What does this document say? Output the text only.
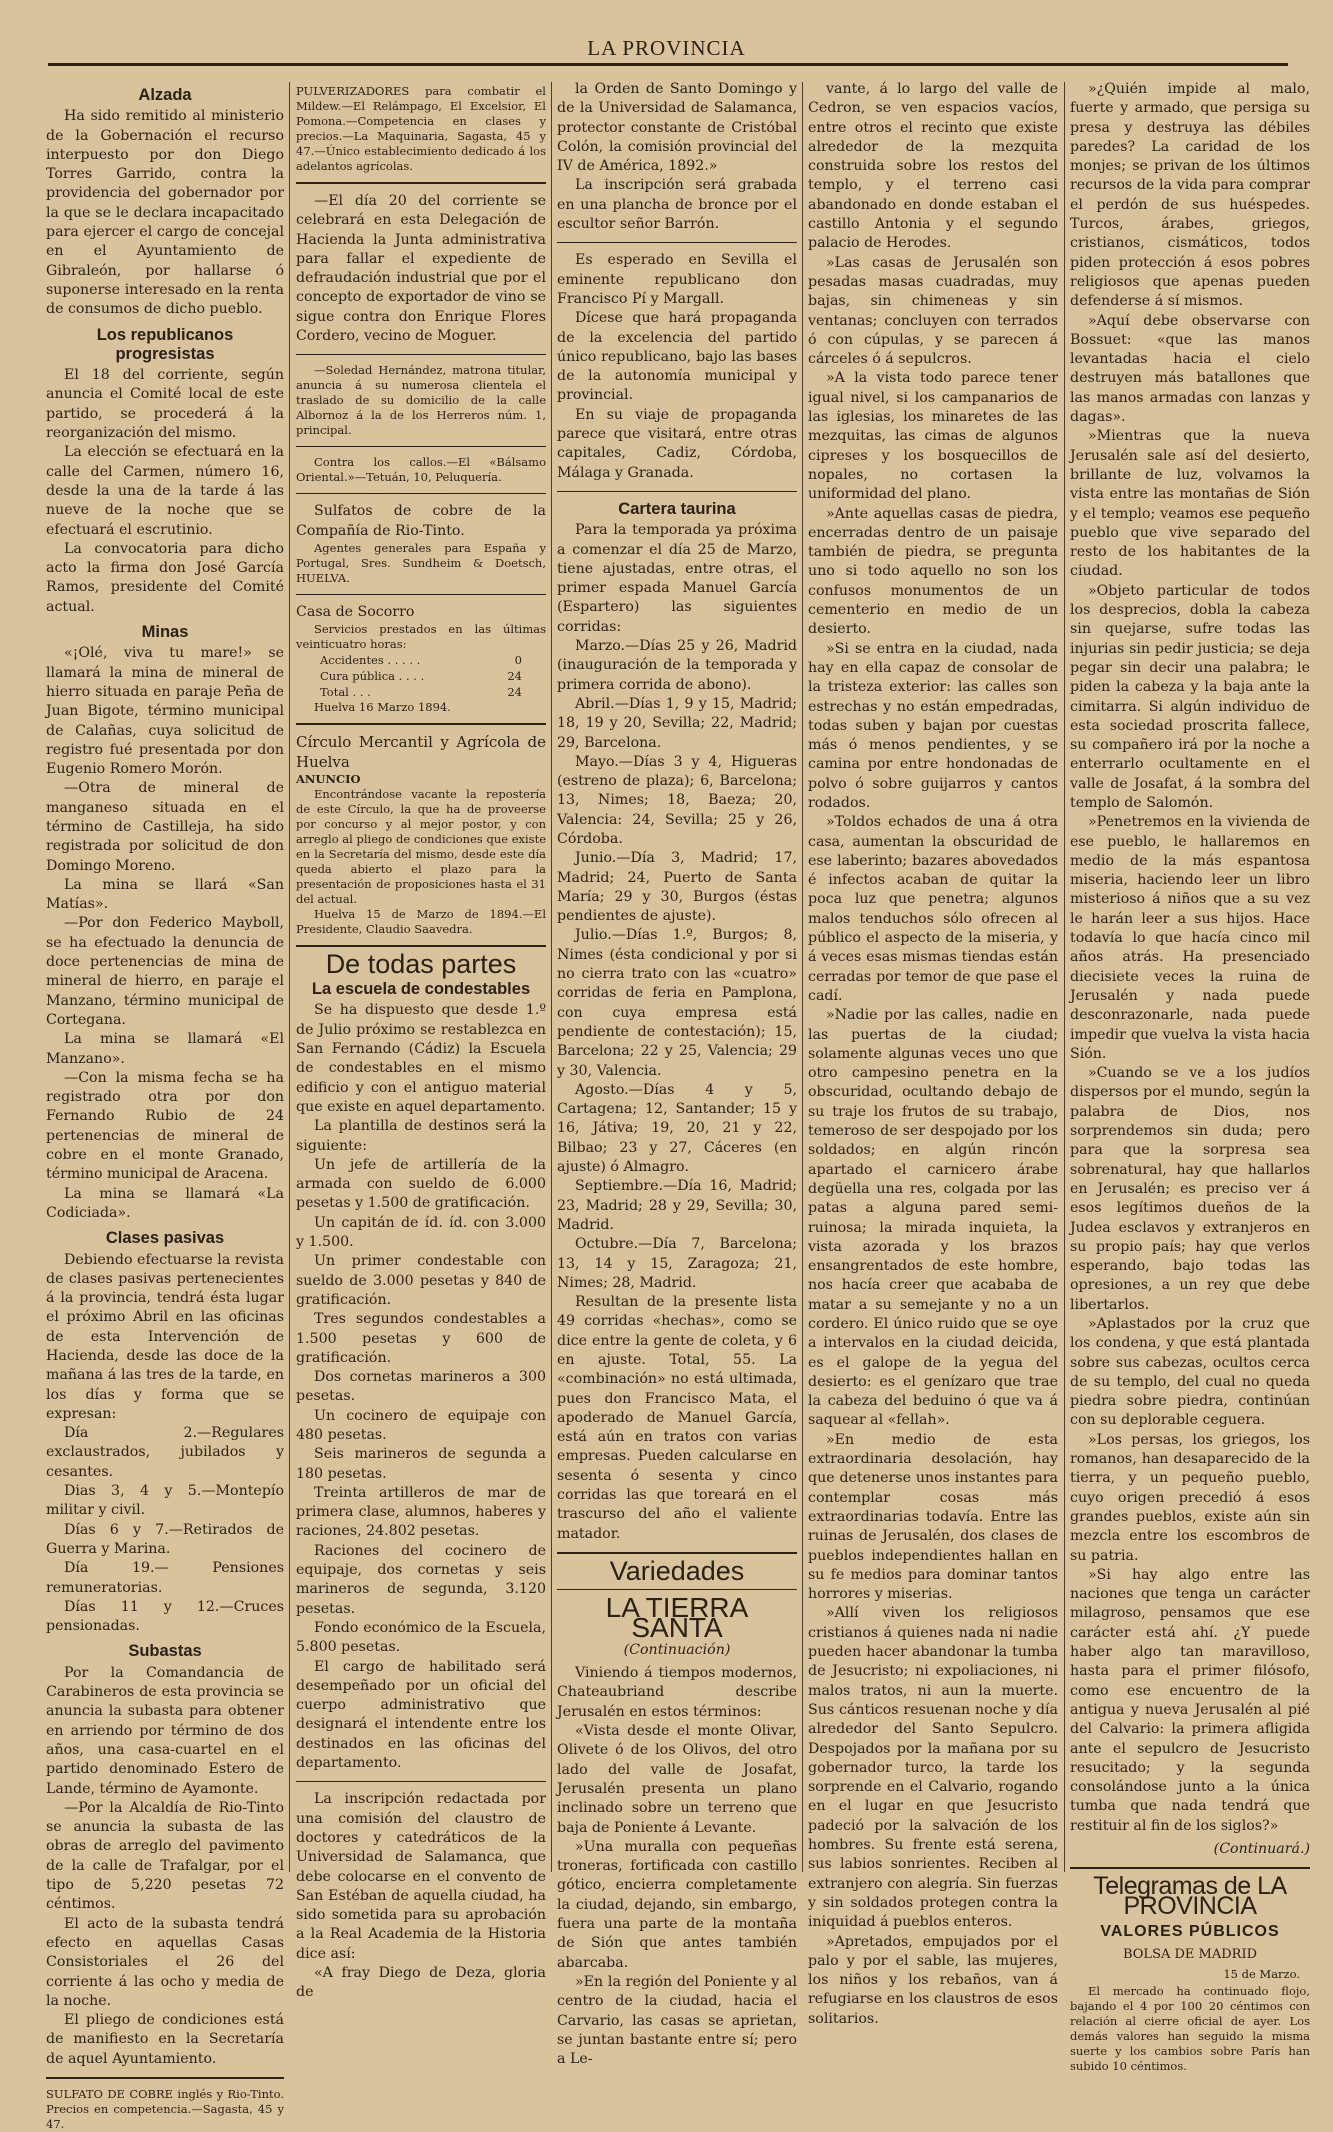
LA PROVINCIA
Alzada

Ha sido remitido al ministerio de la Gobernación el recurso interpuesto por don Diego Torres Garrido, contra la providencia del gobernador por la que se le declara incapacitado para ejercer el cargo de concejal en el Ayuntamiento de Gibraleón, por hallarse ó suponerse interesado en la renta de consumos de dicho pueblo.

Los republicanos progresistas

El 18 del corriente, según anuncia el Comité local de este partido, se procederá á la reorganización del mismo.

La elección se efectuará en la calle del Carmen, número 16, desde la una de la tarde á las nueve de la noche que se efectuará el escrutinio.

La convocatoria para dicho acto la firma don José García Ramos, presidente del Comité actual.

Minas

«¡Olé, viva tu mare!» se llamará la mina de mineral de hierro situada en paraje Peña de Juan Bigote, término municipal de Calañas, cuya solicitud de registro fué presentada por don Eugenio Romero Morón.

—Otra de mineral de manganeso situada en el término de Castilleja, ha sido registrada por solicitud de don Domingo Moreno.

La mina se llará «San Matías».

—Por don Federico Mayboll, se ha efectuado la denuncia de doce pertenencias de mina de mineral de hierro, en paraje el Manzano, término municipal de Cortegana.

La mina se llamará «El Manzano».

—Con la misma fecha se ha registrado otra por don Fernando Rubio de 24 pertenencias de mineral de cobre en el monte Granado, término municipal de Aracena.

La mina se llamará «La Codiciada».

Clases pasivas

Debiendo efectuarse la revista de clases pasivas pertenecientes á la provincia, tendrá ésta lugar el próximo Abril en las oficinas de esta Intervención de Hacienda, desde las doce de la mañana á las tres de la tarde, en los días y forma que se expresan:

Día 2.—Regulares exclaustrados, jubilados y cesantes.

Dias 3, 4 y 5.—Montepío militar y civil.

Días 6 y 7.—Retirados de Guerra y Marina.

Día 19.— Pensiones remuneratorias.

Días 11 y 12.—Cruces pensionadas.

Subastas

Por la Comandancia de Carabineros de esta provincia se anuncia la subasta para obtener en arriendo por término de dos años, una casa-cuartel en el partido denominado Estero de Lande, término de Ayamonte.

—Por la Alcaldía de Rio-Tinto se anuncia la subasta de las obras de arreglo del pavimento de la calle de Trafalgar, por el tipo de 5,220 pesetas 72 céntimos.

El acto de la subasta tendrá efecto en aquellas Casas Consistoriales el 26 del corriente á las ocho y media de la noche.

El pliego de condiciones está de manifiesto en la Secretaría de aquel Ayuntamiento.

SULFATO DE COBRE inglés y Rio-Tinto. Precios en competencia.—Sagasta, 45 y 47.
PULVERIZADORES para combatir el Mildew.—El Relámpago, El Excelsior, El Pomona.—Competencia en clases y precios.—La Maquinaria, Sagasta, 45 y 47.—Único establecimiento dedicado á los adelantos agrícolas.

—El día 20 del corriente se celebrará en esta Delegación de Hacienda la Junta administrativa para fallar el expediente de defraudación industrial que por el concepto de exportador de vino se sigue contra don Enrique Flores Cordero, vecino de Moguer.

—Soledad Hernández, matrona titular, anuncia á su numerosa clientela el traslado de su domicilio de la calle Albornoz á la de los Herreros núm. 1, principal.

Contra los callos.—El «Bálsamo Oriental.»—Tetuán, 10, Peluquería.

Sulfatos de cobre de la Compañía de Rio-Tinto.

Agentes generales para España y Portugal, Sres. Sundheim & Doetsch, HUELVA.

Casa de Socorro

Servicios prestados en las últimas veinticuatro horas:

Accidentes . . . . .	0
Cura pública . . . .	24
Total . . .	24

Huelva 16 Marzo 1894.

Círculo Mercantil y Agrícola de Huelva

ANUNCIO

Encontrándose vacante la repostería de este Círculo, la que ha de proveerse por concurso y al mejor postor, y con arreglo al pliego de condiciones que existe en la Secretaría del mismo, desde este día queda abierto el plazo para la presentación de proposiciones hasta el 31 del actual.

Huelva 15 de Marzo de 1894.—El Presidente, Claudio Saavedra.

De todas partes
La escuela de condestables

Se ha dispuesto que desde 1.º de Julio próximo se restablezca en San Fernando (Cádiz) la Escuela de condestables en el mismo edificio y con el antiguo material que existe en aquel departamento.

La plantilla de destinos será la siguiente:

Un jefe de artillería de la armada con sueldo de 6.000 pesetas y 1.500 de gratificación.

Un capitán de íd. íd. con 3.000 y 1.500.

Un primer condestable con sueldo de 3.000 pesetas y 840 de gratificación.

Tres segundos condestables a 1.500 pesetas y 600 de gratificación.

Dos cornetas marineros a 300 pesetas.

Un cocinero de equipaje con 480 pesetas.

Seis marineros de segunda a 180 pesetas.

Treinta artilleros de mar de primera clase, alumnos, haberes y raciones, 24.802 pesetas.

Raciones del cocinero de equipaje, dos cornetas y seis marineros de segunda, 3.120 pesetas.

Fondo económico de la Escuela, 5.800 pesetas.

El cargo de habilitado será desempeñado por un oficial del cuerpo administrativo que designará el intendente entre los destinados en las oficinas del departamento.

La inscripción redactada por una comisión del claustro de doctores y catedráticos de la Universidad de Salamanca, que debe colocarse en el convento de San Estéban de aquella ciudad, ha sido sometida para su aprobación a la Real Academia de la Historia dice así:

«A fray Diego de Deza, gloria de

la Orden de Santo Domingo y de la Universidad de Salamanca, protector constante de Cristóbal Colón, la comisión provincial del IV de América, 1892.»

La inscripción será grabada en una plancha de bronce por el escultor señor Barrón.

Es esperado en Sevilla el eminente republicano don Francisco Pí y Margall.

Dícese que hará propaganda de la excelencia del partido único republicano, bajo las bases de la autonomía municipal y provincial.

En su viaje de propaganda parece que visitará, entre otras capitales, Cadiz, Córdoba, Málaga y Granada.

Cartera taurina

Para la temporada ya próxima a comenzar el día 25 de Marzo, tiene ajustadas, entre otras, el primer espada Manuel García (Espartero) las siguientes corridas:

Marzo.—Días 25 y 26, Madrid (inauguración de la temporada y primera corrida de abono).

Abril.—Días 1, 9 y 15, Madrid; 18, 19 y 20, Sevilla; 22, Madrid; 29, Barcelona.

Mayo.—Días 3 y 4, Higueras (estreno de plaza); 6, Barcelona; 13, Nimes; 18, Baeza; 20, Valencia: 24, Sevilla; 25 y 26, Córdoba.

Junio.—Día 3, Madrid; 17, Madrid; 24, Puerto de Santa María; 29 y 30, Burgos (éstas pendientes de ajuste).

Julio.—Días 1.º, Burgos; 8, Nimes (ésta condicional y por si no cierra trato con las «cuatro» corridas de feria en Pamplona, con cuya empresa está pendiente de contestación); 15, Barcelona; 22 y 25, Valencia; 29 y 30, Valencia.

Agosto.—Días 4 y 5, Cartagena; 12, Santander; 15 y 16, Játiva; 19, 20, 21 y 22, Bilbao; 23 y 27, Cáceres (en ajuste) ó Almagro.

Septiembre.—Día 16, Madrid; 23, Madrid; 28 y 29, Sevilla; 30, Madrid.

Octubre.—Día 7, Barcelona; 13, 14 y 15, Zaragoza; 21, Nimes; 28, Madrid.

Resultan de la presente lista 49 corridas «hechas», como se dice entre la gente de coleta, y 6 en ajuste. Total, 55. La «combinación» no está ultimada, pues don Francisco Mata, el apoderado de Manuel García, está aún en tratos con varias empresas. Pueden calcularse en sesenta ó sesenta y cinco corridas las que toreará en el trascurso del año el valiente matador.

Variedades
LA TIERRA SANTA
(Continuación)

Viniendo á tiempos modernos, Chateaubriand describe Jerusalén en estos términos:

«Vista desde el monte Olivar, Olivete ó de los Olivos, del otro lado del valle de Josafat, Jerusalén presenta un plano inclinado sobre un terreno que baja de Poniente á Levante.

»Una muralla con pequeñas troneras, fortificada con castillo gótico, encierra completamente la ciudad, dejando, sin embargo, fuera una parte de la montaña de Sión que antes también abarcaba.

»En la región del Poniente y al centro de la ciudad, hacia el Carvario, las casas se aprietan, se juntan bastante entre sí; pero a Le-

vante, á lo largo del valle de Cedron, se ven espacios vacíos, entre otros el recinto que existe alrededor de la mezquita construida sobre los restos del templo, y el terreno casi abandonado en donde estaban el castillo Antonia y el segundo palacio de Herodes.

»Las casas de Jerusalén son pesadas masas cuadradas, muy bajas, sin chimeneas y sin ventanas; concluyen con terrados ó con cúpulas, y se parecen á cárceles ó á sepulcros.

»A la vista todo parece tener igual nivel, si los campanarios de las iglesias, los minaretes de las mezquitas, las cimas de algunos cipreses y los bosquecillos de nopales, no cortasen la uniformidad del plano.

»Ante aquellas casas de piedra, encerradas dentro de un paisaje también de piedra, se pregunta uno si todo aquello no son los confusos monumentos de un cementerio en medio de un desierto.

»Si se entra en la ciudad, nada hay en ella capaz de consolar de la tristeza exterior: las calles son estrechas y no están empedradas, todas suben y bajan por cuestas más ó menos pendientes, y se camina por entre hondonadas de polvo ó sobre guijarros y cantos rodados.

»Toldos echados de una á otra casa, aumentan la obscuridad de ese laberinto; bazares abovedados é infectos acaban de quitar la poca luz que penetra; algunos malos tenduchos sólo ofrecen al público el aspecto de la miseria, y á veces esas mismas tiendas están cerradas por temor de que pase el cadí.

»Nadie por las calles, nadie en las puertas de la ciudad; solamente algunas veces uno que otro campesino penetra en la obscuridad, ocultando debajo de su traje los frutos de su trabajo, temeroso de ser despojado por los soldados; en algún rincón apartado el carnicero árabe degüella una res, colgada por las patas a alguna pared semi-ruinosa; la mirada inquieta, la vista azorada y los brazos ensangrentados de este hombre, nos hacía creer que acababa de matar a su semejante y no a un cordero. El único ruido que se oye a intervalos en la ciudad deicida, es el galope de la yegua del desierto: es el genízaro que trae la cabeza del beduino ó que va á saquear al «fellah».

»En medio de esta extraordinaria desolación, hay que detenerse unos instantes para contemplar cosas más extraordinarias todavía. Entre las ruinas de Jerusalén, dos clases de pueblos independientes hallan en su fe medios para dominar tantos horrores y miserias.

»Allí viven los religiosos cristianos á quienes nada ni nadie pueden hacer abandonar la tumba de Jesucristo; ni expoliaciones, ni malos tratos, ni aun la muerte. Sus cánticos resuenan noche y día alrededor del Santo Sepulcro. Despojados por la mañana por su gobernador turco, la tarde los sorprende en el Calvario, rogando en el lugar en que Jesucristo padeció por la salvación de los hombres. Su frente está serena, sus labios sonrientes. Reciben al extranjero con alegría. Sin fuerzas y sin soldados protegen contra la iniquidad á pueblos enteros.

»Apretados, empujados por el palo y por el sable, las mujeres, los niños y los rebaños, van á refugiarse en los claustros de esos solitarios.

»¿Quién impide al malo, fuerte y armado, que persiga su presa y destruya las débiles paredes? La caridad de los monjes; se privan de los últimos recursos de la vida para comprar el perdón de sus huéspedes. Turcos, árabes, griegos, cristianos, cismáticos, todos piden protección á esos pobres religiosos que apenas pueden defenderse á sí mismos.

»Aquí debe observarse con Bossuet: «que las manos levantadas hacia el cielo destruyen más batallones que las manos armadas con lanzas y dagas».

»Mientras que la nueva Jerusalén sale así del desierto, brillante de luz, volvamos la vista entre las montañas de Sión y el templo; veamos ese pequeño pueblo que vive separado del resto de los habitantes de la ciudad.

»Objeto particular de todos los desprecios, dobla la cabeza sin quejarse, sufre todas las injurias sin pedir justicia; se deja pegar sin decir una palabra; le piden la cabeza y la baja ante la cimitarra. Si algún individuo de esta sociedad proscrita fallece, su compañero irá por la noche a enterrarlo ocultamente en el valle de Josafat, á la sombra del templo de Salomón.

»Penetremos en la vivienda de ese pueblo, le hallaremos en medio de la más espantosa miseria, haciendo leer un libro misterioso á niños que a su vez le harán leer a sus hijos. Hace todavía lo que hacía cinco mil años atrás. Ha presenciado diecisiete veces la ruina de Jerusalén y nada puede desconrazonarle, nada puede impedir que vuelva la vista hacia Sión.

»Cuando se ve a los judíos dispersos por el mundo, según la palabra de Dios, nos sorprendemos sin duda; pero para que la sorpresa sea sobrenatural, hay que hallarlos en Jerusalén; es preciso ver á esos legítimos dueños de la Judea esclavos y extranjeros en su propio país; hay que verlos esperando, bajo todas las opresiones, a un rey que debe libertarlos.

»Aplastados por la cruz que los condena, y que está plantada sobre sus cabezas, ocultos cerca de su templo, del cual no queda piedra sobre piedra, continúan con su deplorable ceguera.

»Los persas, los griegos, los romanos, han desaparecido de la tierra, y un pequeño pueblo, cuyo origen precedió á esos grandes pueblos, existe aún sin mezcla entre los escombros de su patria.

»Si hay algo entre las naciones que tenga un carácter milagroso, pensamos que ese carácter está ahí. ¿Y puede haber algo tan maravilloso, hasta para el primer filósofo, como ese encuentro de la antigua y nueva Jerusalén al pié del Calvario: la primera afligida ante el sepulcro de Jesucristo resucitado; y la segunda consolándose junto a la única tumba que nada tendrá que restituir al fin de los siglos?»

(Continuará.)
Telegramas de LA PROVINCIA
VALORES PÚBLICOS
BOLSA DE MADRID
15 de Marzo.

El mercado ha continuado flojo, bajando el 4 por 100 20 céntimos con relación al cierre oficial de ayer. Los demás valores han seguido la misma suerte y los cambios sobre París han subido 10 céntimos.
